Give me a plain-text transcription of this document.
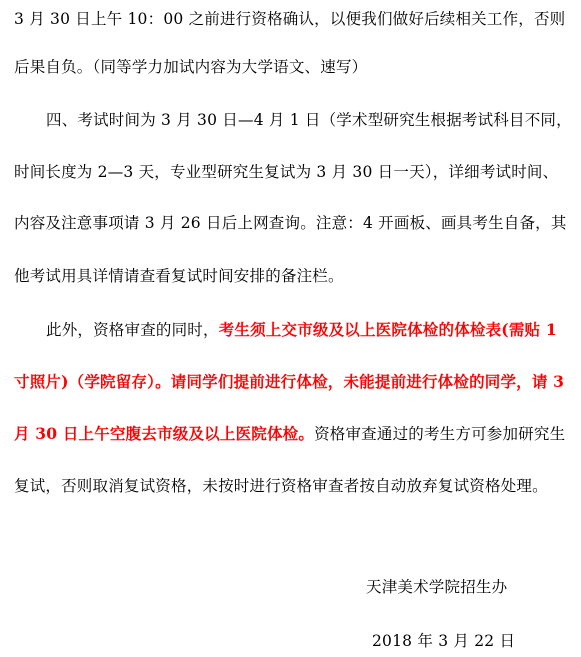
3 月 30 日上午 10：00 之前进行资格确认，以便我们做好后续相关工作，否则
后果自负。（同等学力加试内容为大学语文、速写）
四、考试时间为 3 月 30 日—4 月 1 日（学术型研究生根据考试科目不同，
时间长度为 2—3 天，专业型研究生复试为 3 月 30 日一天），详细考试时间、
内容及注意事项请 3 月 26 日后上网查询。注意：4 开画板、画具考生自备，其
他考试用具详情请查看复试时间安排的备注栏。
此外，资格审查的同时，考生须上交市级及以上医院体检的体检表(需贴 1
寸照片)（学院留存）。请同学们提前进行体检，未能提前进行体检的同学，请 3
月 30 日上午空腹去市级及以上医院体检。资格审查通过的考生方可参加研究生
复试，否则取消复试资格，未按时进行资格审查者按自动放弃复试资格处理。
天津美术学院招生办
2018 年 3 月 22 日
